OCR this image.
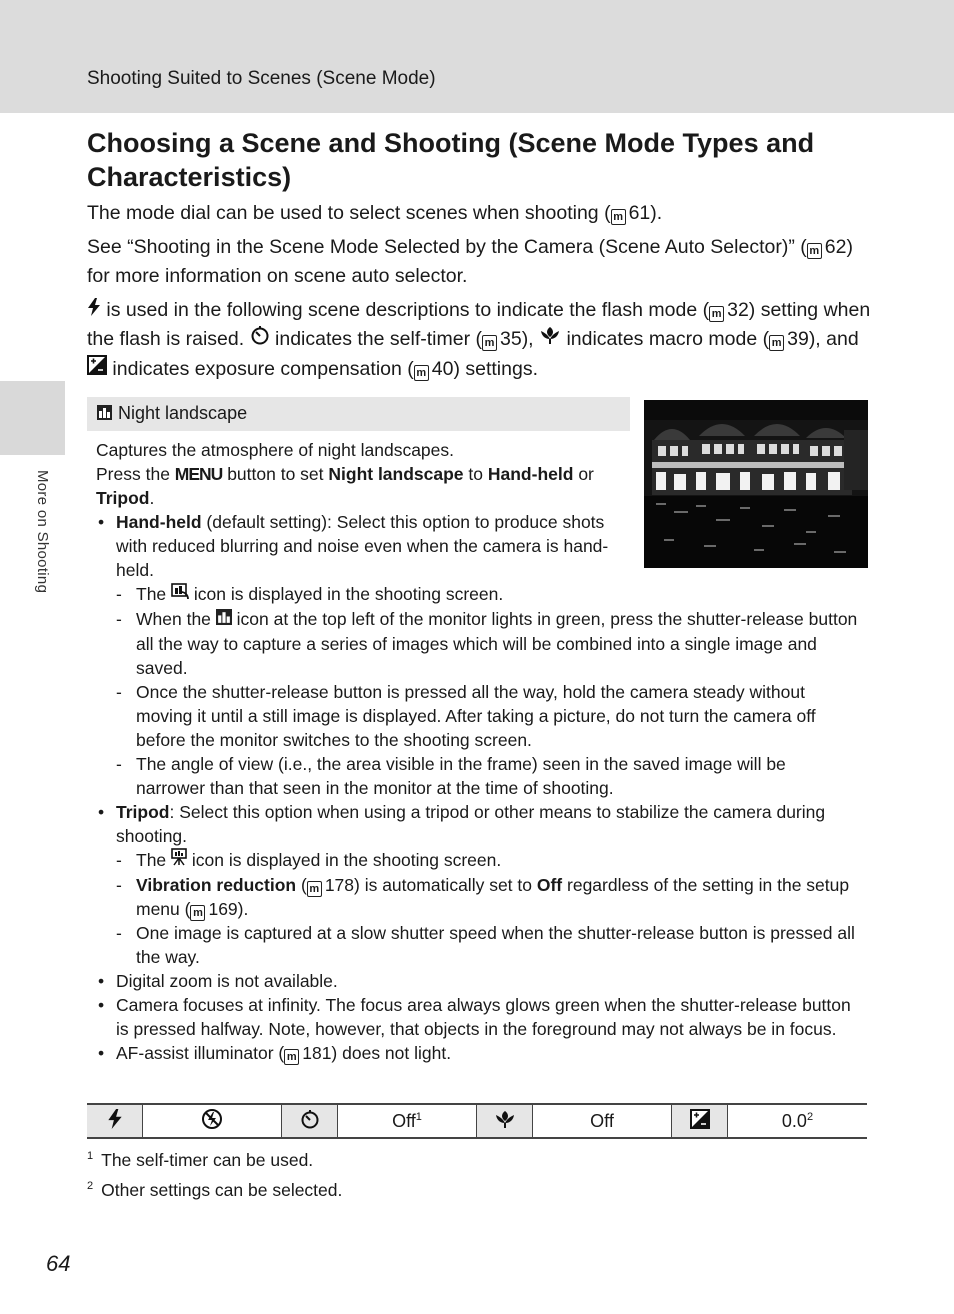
Shooting Suited to Scenes (Scene Mode)
More on Shooting
Choosing a Scene and Shooting (Scene Mode Types and Characteristics)

The mode dial can be used to select scenes when shooting ( m 61).

See “Shooting in the Scene Mode Selected by the Camera (Scene Auto Selector)” ( m 62) for more information on scene auto selector.

is used in the following scene descriptions to indicate the flash mode ( m 32) setting when the flash is raised.  indicates the self-timer ( m 35),  indicates macro mode ( m 39), and  indicates exposure compensation ( m 40) settings.

Night landscape

Captures the atmosphere of night landscapes.

Press the MENU button to set Night landscape to Hand-held or Tripod.

• Hand-held (default setting): Select this option to produce shots with reduced blurring and noise even when the camera is hand-held.
- The  icon is displayed in the shooting screen.
- When the  icon at the top left of the monitor lights in green, press the shutter-release button all the way to capture a series of images which will be combined into a single image and saved.
- Once the shutter-release button is pressed all the way, hold the camera steady without moving it until a still image is displayed. After taking a picture, do not turn the camera off before the monitor switches to the shooting screen.
- The angle of view (i.e., the area visible in the frame) seen in the saved image will be narrower than that seen in the monitor at the time of shooting.
• Tripod: Select this option when using a tripod or other means to stabilize the camera during shooting.
- The  icon is displayed in the shooting screen.
- Vibration reduction ( m 178) is automatically set to Off regardless of the setting in the setup menu ( m 169).
- One image is captured at a slow shutter speed when the shutter-release button is pressed all the way.
• Digital zoom is not available.
• Camera focuses at infinity. The focus area always glows green when the shutter-release button is pressed halfway. Note, however, that objects in the foreground may not always be in focus.
• AF-assist illuminator ( m 181) does not light.
			Off$^1$		Off		$0.0^2$
$^1$ The self-timer can be used.
$^2$ Other settings can be selected.
64
